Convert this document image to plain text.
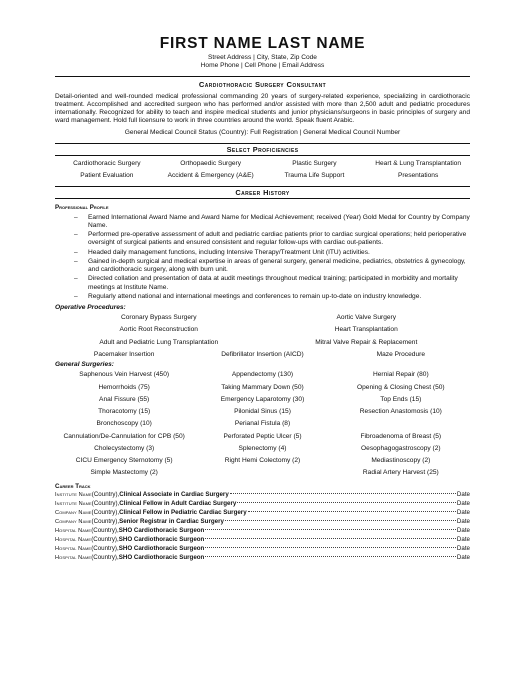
FIRST NAME LAST NAME
Street Address | City, State, Zip Code
Home Phone | Cell Phone | Email Address
Cardiothoracic Surgery Consultant
Detail-oriented and well-rounded medical professional commanding 20 years of surgery-related experience, specializing in cardiothoracic treatment. Accomplished and accredited surgeon who has performed and/or assisted with more than 2,500 adult and pediatric procedures internationally. Recognized for ability to teach and inspire medical students and junior physicians/surgeons in basic principles of surgery and ward management. Hold full licensure to work in three countries around the world. Speak fluent Arabic.
General Medical Council Status (Country): Full Registration | General Medical Council Number
Select Proficiencies
Cardiothoracic Surgery	Orthopaedic Surgery	Plastic Surgery	Heart & Lung Transplantation
Patient Evaluation	Accident & Emergency (A&E)	Trauma Life Support	Presentations
Career History
Professional Profile
– Earned International Award Name and Award Name for Medical Achievement; received (Year) Gold Medal for Country by Company Name.
– Performed pre-operative assessment of adult and pediatric cardiac patients prior to cardiac surgical operations; held perioperative oversight of surgical patients and ensured consistent and regular follow-ups with cardiac out-patients.
– Headed daily management functions, including Intensive Therapy/Treatment Unit (ITU) activities.
– Gained in-depth surgical and medical expertise in areas of general surgery, general medicine, pediatrics, obstetrics & gynecology, and cardiothoracic surgery, along with burn unit.
– Directed collation and presentation of data at audit meetings throughout medical training; participated in morbidity and mortality meetings at Institute Name.
– Regularly attend national and international meetings and conferences to remain up-to-date on industry knowledge.
Operative Procedures:
Coronary Bypass Surgery	Aortic Valve Surgery
Aortic Root Reconstruction	Heart Transplantation
Adult and Pediatric Lung Transplantation	Mitral Valve Repair & Replacement
Pacemaker Insertion	Defibrillator Insertion (AICD)	Maze Procedure
General Surgeries:
Saphenous Vein Harvest (450)	Appendectomy (130)	Hernial Repair (80)
Hemorrhoids (75)	Taking Mammary Down (50)	Opening & Closing Chest (50)
Anal Fissure (55)	Emergency Laparotomy (30)	Top Ends (15)
Thoracotomy (15)	Pilonidal Sinus (15)	Resection Anastomosis (10)
Bronchoscopy (10)	Perianal Fistula (8)
Cannulation/De-Cannulation for CPB (50)	Perforated Peptic Ulcer (5)	Fibroadenoma of Breast (5)
Cholecystectomy (3)	Splenectomy (4)	Oesophagogastroscopy (2)
CICU Emergency Sternotomy (5)	Right Hemi Colectomy (2)	Mediastinoscopy (2)
Simple Mastectomy (2)	Radial Artery Harvest (25)
Career Track
Institute Name (Country), Clinical Associate in Cardiac Surgery	Date
Institute Name (Country), Clinical Fellow in Adult Cardiac Surgery	Date
Company Name (Country), Clinical Fellow in Pediatric Cardiac Surgery	Date
Company Name (Country), Senior Registrar in Cardiac Surgery	Date
Hospital Name (Country), SHO Cardiothoracic Surgeon	Date
Hospital Name (Country), SHO Cardiothoracic Surgeon	Date
Hospital Name (Country), SHO Cardiothoracic Surgeon	Date
Hospital Name (Country), SHO Cardiothoracic Surgeon	Date
